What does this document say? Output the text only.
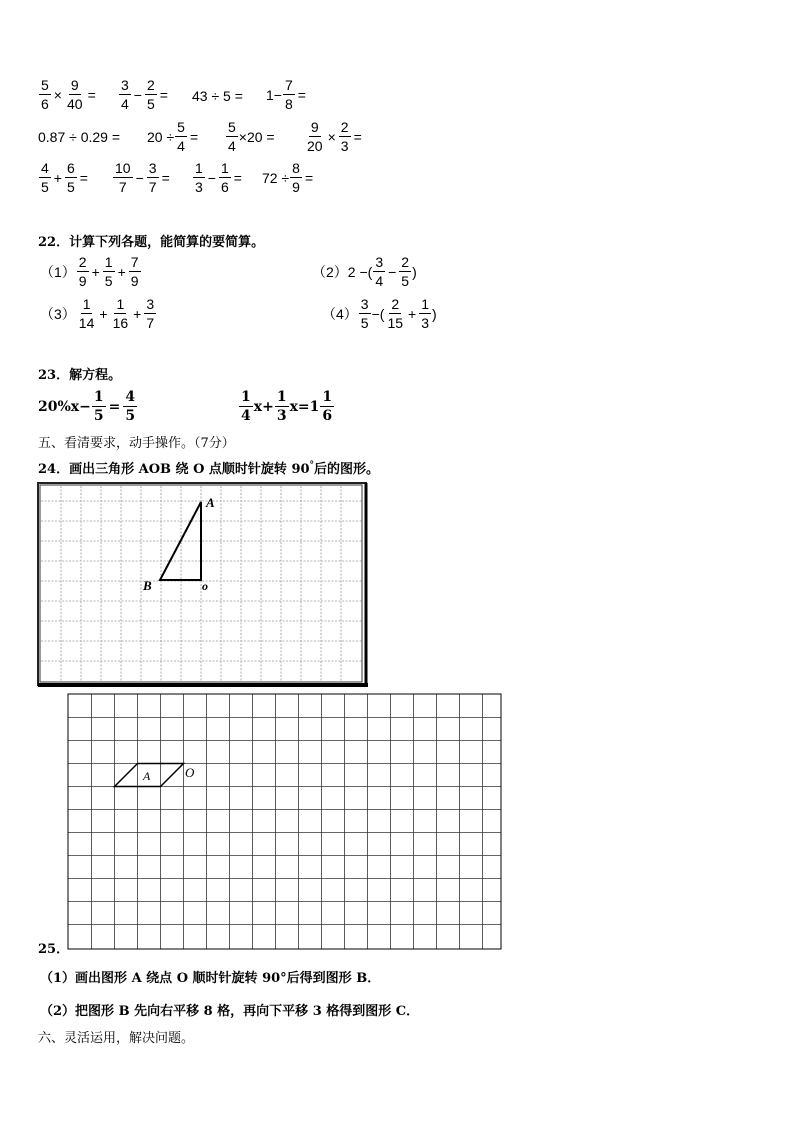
$\frac{5}{6} \times \frac{9}{40} = \frac{3}{4} - \frac{2}{5} = 43 \div 5 = 1- \frac{7}{8}$ =
$0.87 \div 0.29 = 20 \div \frac{5}{4} = \frac{5}{4} \times 20 = \frac{9}{20} \times \frac{2}{3}$ =
$\frac{4}{5} + \frac{6}{5} = \frac{10}{7} - \frac{3}{7} = \frac{1}{3} - \frac{1}{6} = 72 \div \frac{8}{9}$ =
22．计算下列各题，能简算的要简算。
$(1) \frac{2}{9} + \frac{1}{5} + \frac{7}{9}$	（2） 2 −( $\frac{3}{4} - \frac{2}{5}$ )
$(3) \frac{1}{14} + \frac{1}{16} + \frac{3}{7}$	$(4) \frac{3}{5}$ −( $\frac{2}{15} + \frac{1}{3}$ )
23．解方程。
$20\%x- \frac{1}{5} = \frac{4}{5}$	$\frac{1}{4} x+ \frac{1}{3} x=1 \frac{1}{6}$
五、看清要求，动手操作。（7分）
24．画出三角形 AOB 绕 O 点顺时针旋转 90°后的图形。
A
B	o
A	O
25．
（1）画出图形 A 绕点 O 顺时针旋转 90°后得到图形 B．
（2）把图形 B 先向右平移 8 格，再向下平移 3 格得到图形 C．
六、灵活运用，解决问题。
